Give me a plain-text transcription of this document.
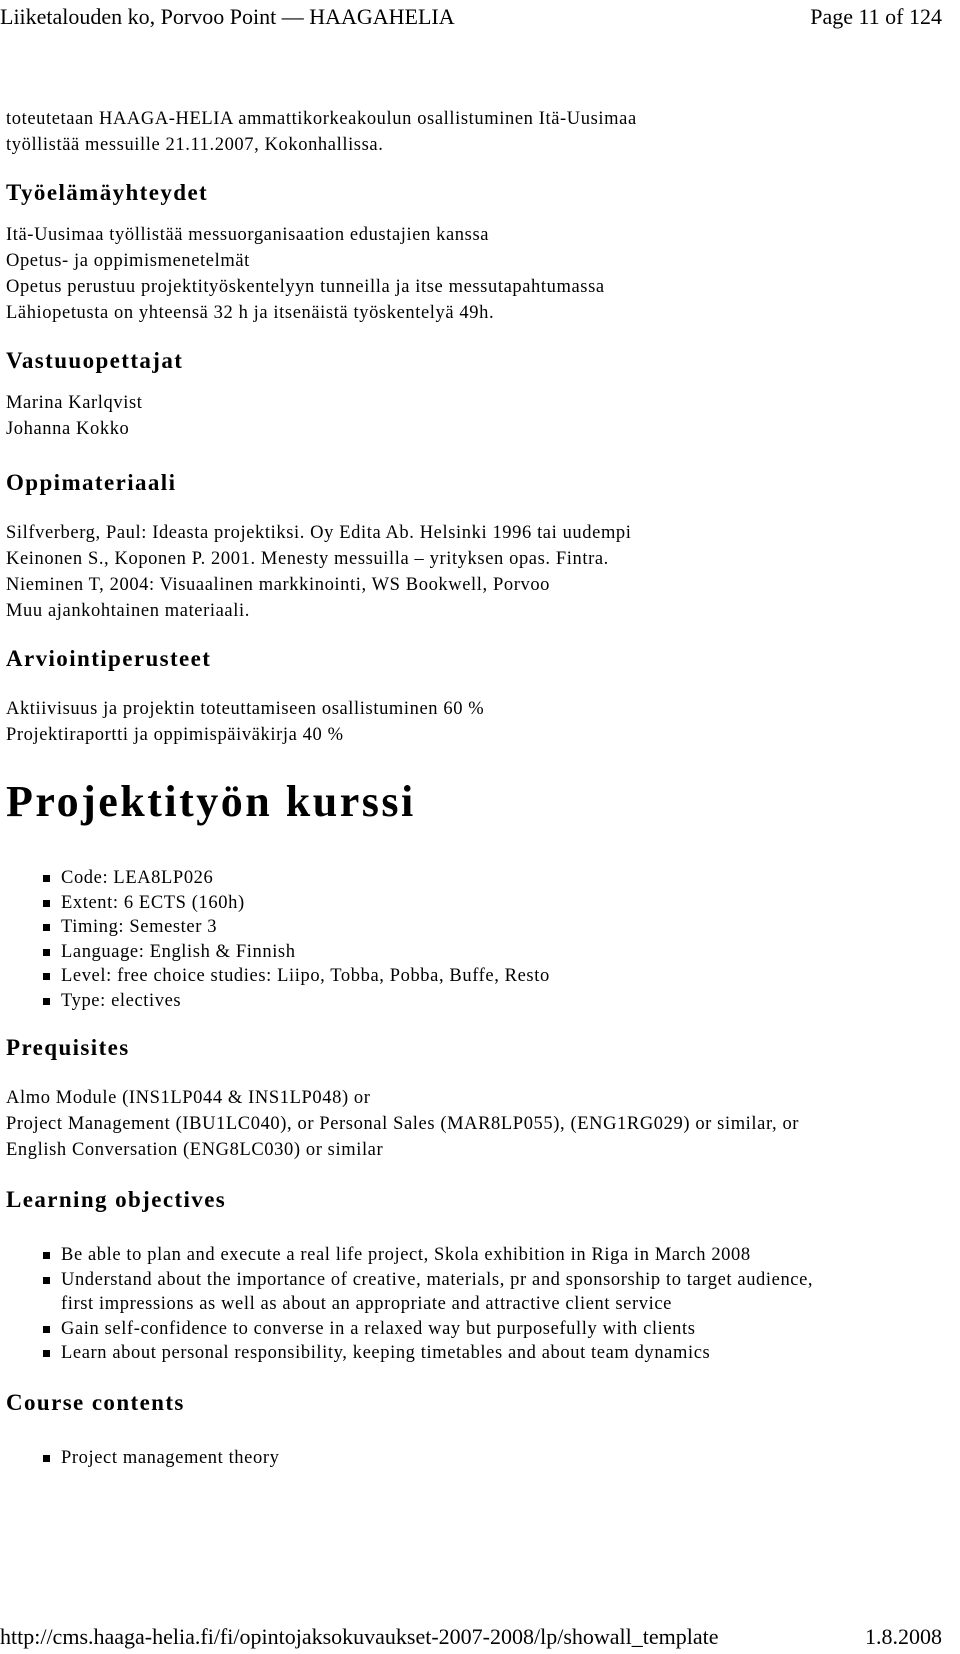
Liiketalouden ko, Porvoo Point — HAAGAHELIA	Page 11 of 124

toteutetaan HAAGA-HELIA ammattikorkeakoulun osallistuminen Itä-Uusimaa

työllistää messuille 21.11.2007, Kokonhallissa.

Työelämäyhteydet

Itä-Uusimaa työllistää messuorganisaation edustajien kanssa

Opetus- ja oppimismenetelmät

Opetus perustuu projektityöskentelyyn tunneilla ja itse messutapahtumassa

Lähiopetusta on yhteensä 32 h ja itsenäistä työskentelyä 49h.

Vastuuopettajat

Marina Karlqvist

Johanna Kokko

Oppimateriaali

Silfverberg, Paul: Ideasta projektiksi. Oy Edita Ab. Helsinki 1996 tai uudempi

Keinonen S., Koponen P. 2001. Menesty messuilla – yrityksen opas. Fintra.

Nieminen T, 2004: Visuaalinen markkinointi, WS Bookwell, Porvoo

Muu ajankohtainen materiaali.

Arviointiperusteet

Aktiivisuus ja projektin toteuttamiseen osallistuminen 60 %

Projektiraportti ja oppimispäiväkirja 40 %

Projektityön kurssi
Code: LEA8LP026
Extent: 6 ECTS (160h)
Timing: Semester 3
Language: English & Finnish
Level: free choice studies: Liipo, Tobba, Pobba, Buffe, Resto
Type: electives
Prequisites

Almo Module (INS1LP044 & INS1LP048) or

Project Management (IBU1LC040), or Personal Sales (MAR8LP055), (ENG1RG029) or similar, or

English Conversation (ENG8LC030) or similar

Learning objectives
Be able to plan and execute a real life project, Skola exhibition in Riga in March 2008
Understand about the importance of creative, materials, pr and sponsorship to target audience, first impressions as well as about an appropriate and attractive client service
Gain self-confidence to converse in a relaxed way but purposefully with clients
Learn about personal responsibility, keeping timetables and about team dynamics
Course contents
Project management theory
http://cms.haaga-helia.fi/fi/opintojaksokuvaukset-2007-2008/lp/showall_template	1.8.2008
